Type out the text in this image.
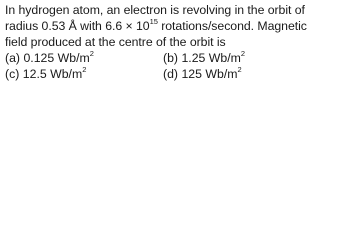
In hydrogen atom, an electron is revolving in the orbit of
radius 0.53 Å with $6.6 \times 10^{15}$ rotations/second. Magnetic
field produced at the centre of the orbit is
(a) 0.125 $Wb/m^2$	(b) 1.25 $Wb/m^2$
(c) 12.5 $Wb/m^2$	(d) 125 $Wb/m^2$
